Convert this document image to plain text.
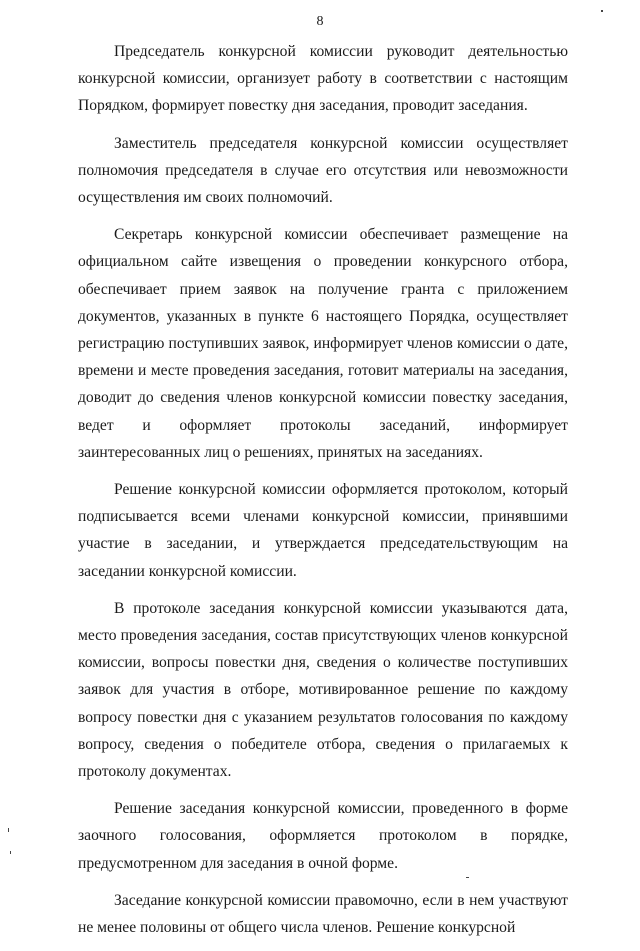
8

Председатель конкурсной комиссии руководит деятельностью конкурсной комиссии, организует работу в соответствии с настоящим Порядком, формирует повестку дня заседания, проводит заседания.

Заместитель председателя конкурсной комиссии осуществляет полномочия председателя в случае его отсутствия или невозможности осуществления им своих полномочий.

Секретарь конкурсной комиссии обеспечивает размещение на официальном сайте извещения о проведении конкурсного отбора, обеспечивает прием заявок на получение гранта с приложением документов, указанных в пункте 6 настоящего Порядка, осуществляет регистрацию поступивших заявок, информирует членов комиссии о дате, времени и месте проведения заседания, готовит материалы на заседания, доводит до сведения членов конкурсной комиссии повестку заседания, ведет и оформляет протоколы заседаний, информирует заинтересованных лиц о решениях, принятых на заседаниях.

Решение конкурсной комиссии оформляется протоколом, который подписывается всеми членами конкурсной комиссии, принявшими участие в заседании, и утверждается председательствующим на заседании конкурсной комиссии.

В протоколе заседания конкурсной комиссии указываются дата, место проведения заседания, состав присутствующих членов конкурсной комиссии, вопросы повестки дня, сведения о количестве поступивших заявок для участия в отборе, мотивированное решение по каждому вопросу повестки дня с указанием результатов голосования по каждому вопросу, сведения о победителе отбора, сведения о прилагаемых к протоколу документах.

Решение заседания конкурсной комиссии, проведенного в форме заочного голосования, оформляется протоколом в порядке, предусмотренном для заседания в очной форме.

Заседание конкурсной комиссии правомочно, если в нем участвуют не менее половины от общего числа членов. Решение конкурсной
